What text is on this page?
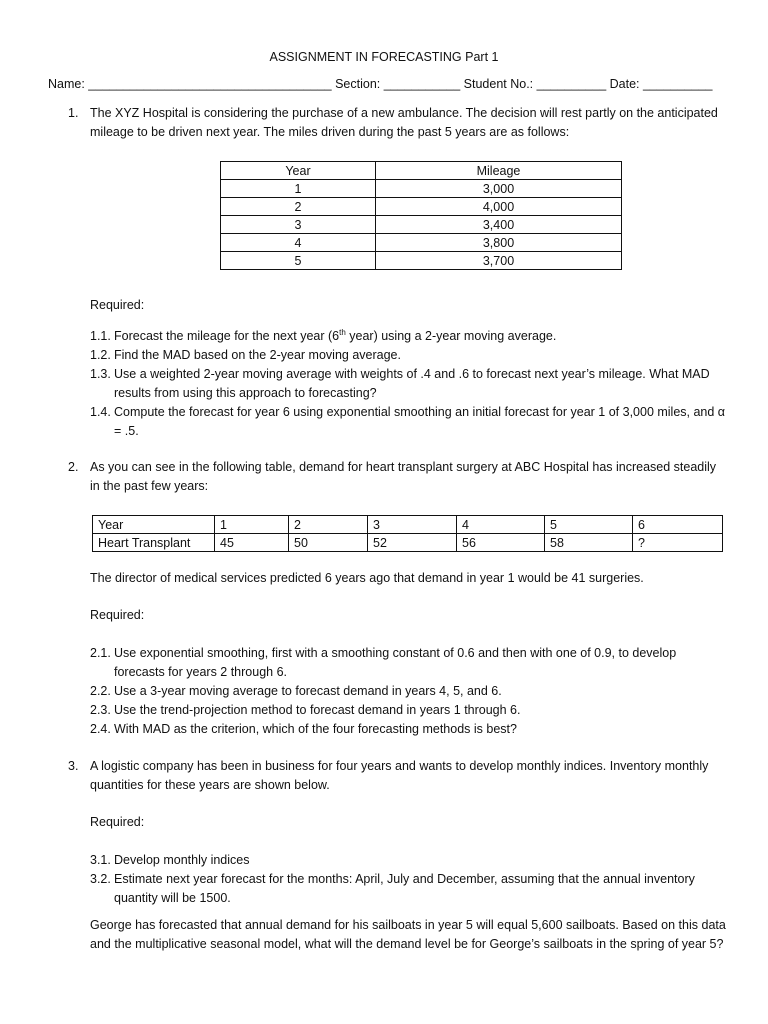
ASSIGNMENT IN FORECASTING Part 1
Name: ___________________________________ Section: ___________ Student No.: __________ Date: __________
1. The XYZ Hospital is considering the purchase of a new ambulance. The decision will rest partly on the anticipated mileage to be driven next year. The miles driven during the past 5 years are as follows:
Year	Mileage
1	3,000
2	4,000
3	3,400
4	3,800
5	3,700
Required:
1.1. Forecast the mileage for the next year (6th year) using a 2-year moving average.
1.2. Find the MAD based on the 2-year moving average.
1.3. Use a weighted 2-year moving average with weights of .4 and .6 to forecast next year’s mileage. What MAD results from using this approach to forecasting?
1.4. Compute the forecast for year 6 using exponential smoothing an initial forecast for year 1 of 3,000 miles, and α = .5.
2. As you can see in the following table, demand for heart transplant surgery at ABC Hospital has increased steadily in the past few years:
Year	1	2	3	4	5	6
Heart Transplant	45	50	52	56	58	?
The director of medical services predicted 6 years ago that demand in year 1 would be 41 surgeries.
Required:
2.1. Use exponential smoothing, first with a smoothing constant of 0.6 and then with one of 0.9, to develop forecasts for years 2 through 6.
2.2. Use a 3-year moving average to forecast demand in years 4, 5, and 6.
2.3. Use the trend-projection method to forecast demand in years 1 through 6.
2.4. With MAD as the criterion, which of the four forecasting methods is best?
3. A logistic company has been in business for four years and wants to develop monthly indices. Inventory monthly quantities for these years are shown below.
Required:
3.1. Develop monthly indices
3.2. Estimate next year forecast for the months: April, July and December, assuming that the annual inventory quantity will be 1500.
George has forecasted that annual demand for his sailboats in year 5 will equal 5,600 sailboats. Based on this data and the multiplicative seasonal model, what will the demand level be for George’s sailboats in the spring of year 5?
